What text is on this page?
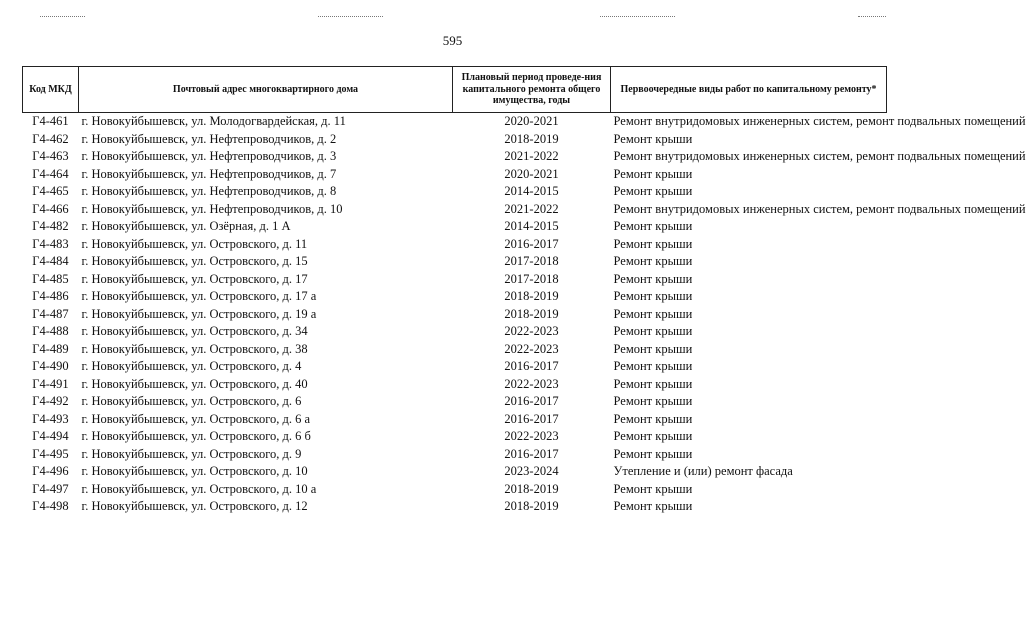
595
Код МКД	Почтовый адрес многоквартирного дома	Плановый период проведе-ния капитального ремонта общего имущества, годы	Первоочередные виды работ по капитальному ремонту*
Г4-461	г. Новокуйбышевск, ул. Молодогвардейская, д. 11	2020-2021	Ремонт внутридомовых инженерных систем, ремонт подвальных помещений
Г4-462	г. Новокуйбышевск, ул. Нефтепроводчиков, д. 2	2018-2019	Ремонт крыши
Г4-463	г. Новокуйбышевск, ул. Нефтепроводчиков, д. 3	2021-2022	Ремонт внутридомовых инженерных систем, ремонт подвальных помещений
Г4-464	г. Новокуйбышевск, ул. Нефтепроводчиков, д. 7	2020-2021	Ремонт крыши
Г4-465	г. Новокуйбышевск, ул. Нефтепроводчиков, д. 8	2014-2015	Ремонт крыши
Г4-466	г. Новокуйбышевск, ул. Нефтепроводчиков, д. 10	2021-2022	Ремонт внутридомовых инженерных систем, ремонт подвальных помещений
Г4-482	г. Новокуйбышевск, ул. Озёрная, д. 1 А	2014-2015	Ремонт крыши
Г4-483	г. Новокуйбышевск, ул. Островского, д. 11	2016-2017	Ремонт крыши
Г4-484	г. Новокуйбышевск, ул. Островского, д. 15	2017-2018	Ремонт крыши
Г4-485	г. Новокуйбышевск, ул. Островского, д. 17	2017-2018	Ремонт крыши
Г4-486	г. Новокуйбышевск, ул. Островского, д. 17 а	2018-2019	Ремонт крыши
Г4-487	г. Новокуйбышевск, ул. Островского, д. 19 а	2018-2019	Ремонт крыши
Г4-488	г. Новокуйбышевск, ул. Островского, д. 34	2022-2023	Ремонт крыши
Г4-489	г. Новокуйбышевск, ул. Островского, д. 38	2022-2023	Ремонт крыши
Г4-490	г. Новокуйбышевск, ул. Островского, д. 4	2016-2017	Ремонт крыши
Г4-491	г. Новокуйбышевск, ул. Островского, д. 40	2022-2023	Ремонт крыши
Г4-492	г. Новокуйбышевск, ул. Островского, д. 6	2016-2017	Ремонт крыши
Г4-493	г. Новокуйбышевск, ул. Островского, д. 6 а	2016-2017	Ремонт крыши
Г4-494	г. Новокуйбышевск, ул. Островского, д. 6 б	2022-2023	Ремонт крыши
Г4-495	г. Новокуйбышевск, ул. Островского, д. 9	2016-2017	Ремонт крыши
Г4-496	г. Новокуйбышевск, ул. Островского, д. 10	2023-2024	Утепление и (или) ремонт фасада
Г4-497	г. Новокуйбышевск, ул. Островского, д. 10 а	2018-2019	Ремонт крыши
Г4-498	г. Новокуйбышевск, ул. Островского, д. 12	2018-2019	Ремонт крыши
